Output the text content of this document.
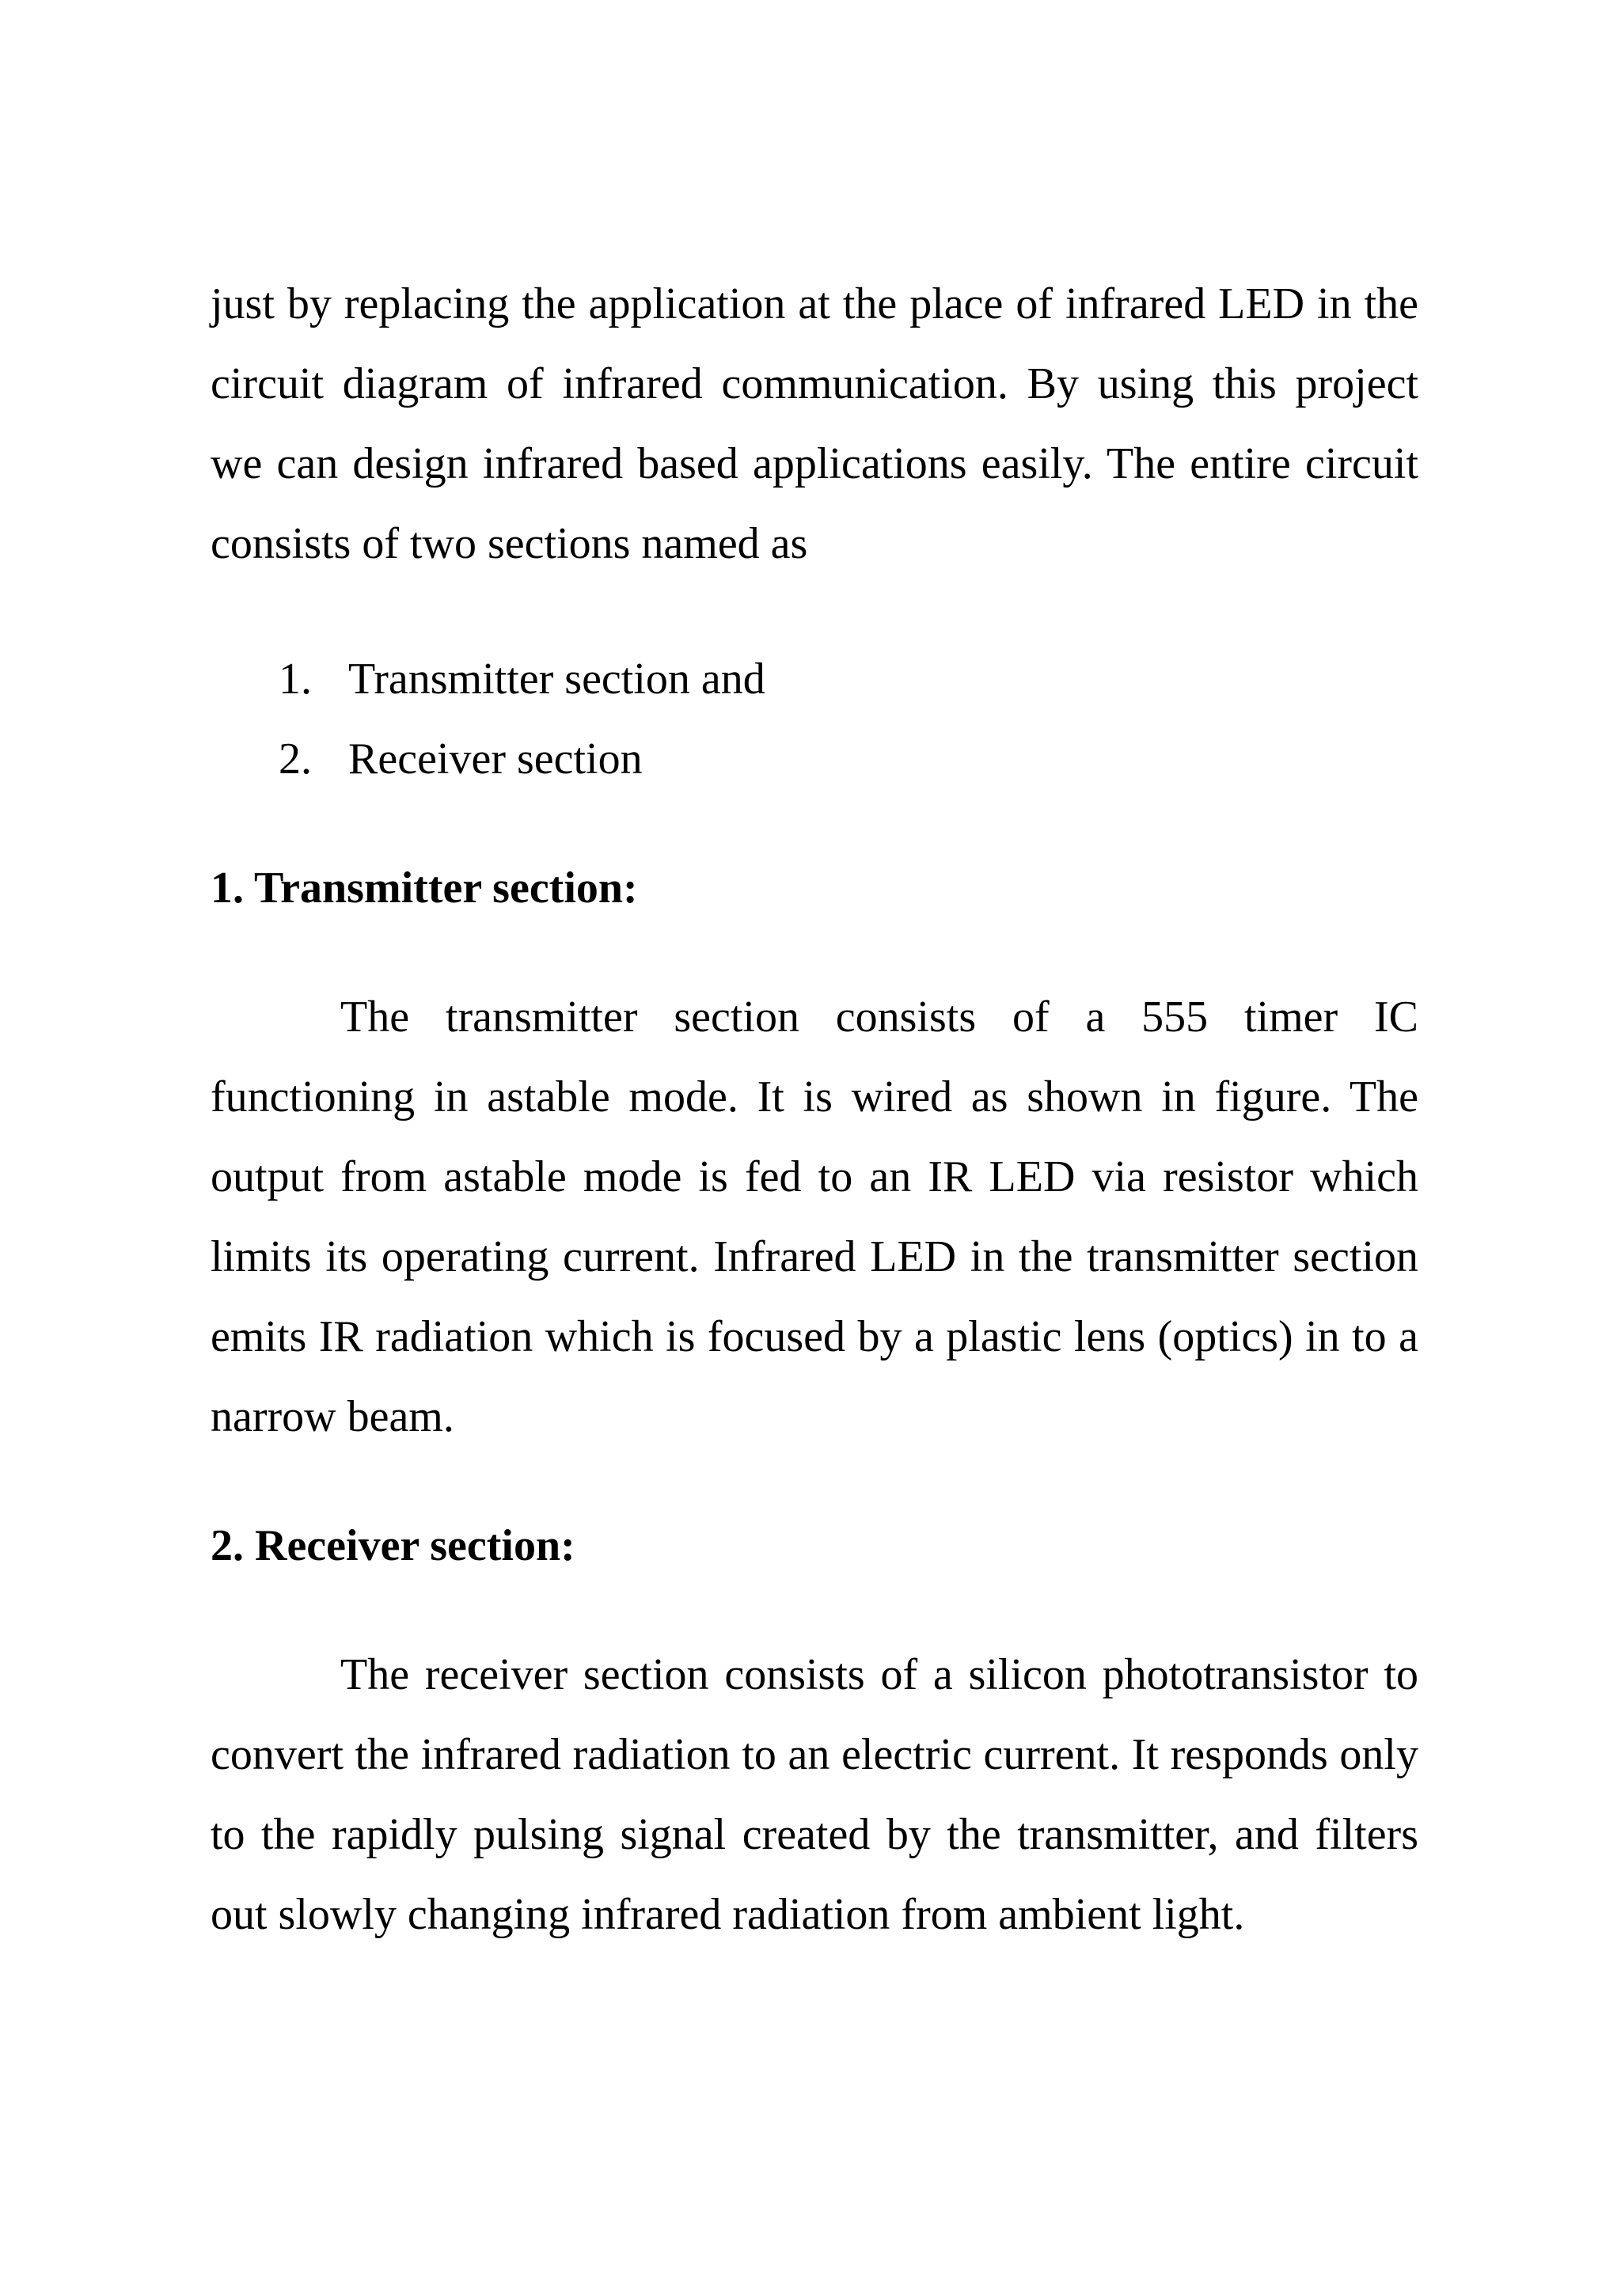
just by replacing the application at the place of infrared LED in the circuit diagram of infrared communication. By using this project we can design infrared based applications easily. The entire circuit consists of two sections named as

1. Transmitter section and
2. Receiver section
1. Transmitter section:

The transmitter section consists of a 555 timer IC functioning in astable mode. It is wired as shown in figure. The output from astable mode is fed to an IR LED via resistor which limits its operating current. Infrared LED in the transmitter section emits IR radiation which is focused by a plastic lens (optics) in to a narrow beam.

2. Receiver section:

The receiver section consists of a silicon phototransistor to convert the infrared radiation to an electric current. It responds only to the rapidly pulsing signal created by the transmitter, and filters out slowly changing infrared radiation from ambient light.
